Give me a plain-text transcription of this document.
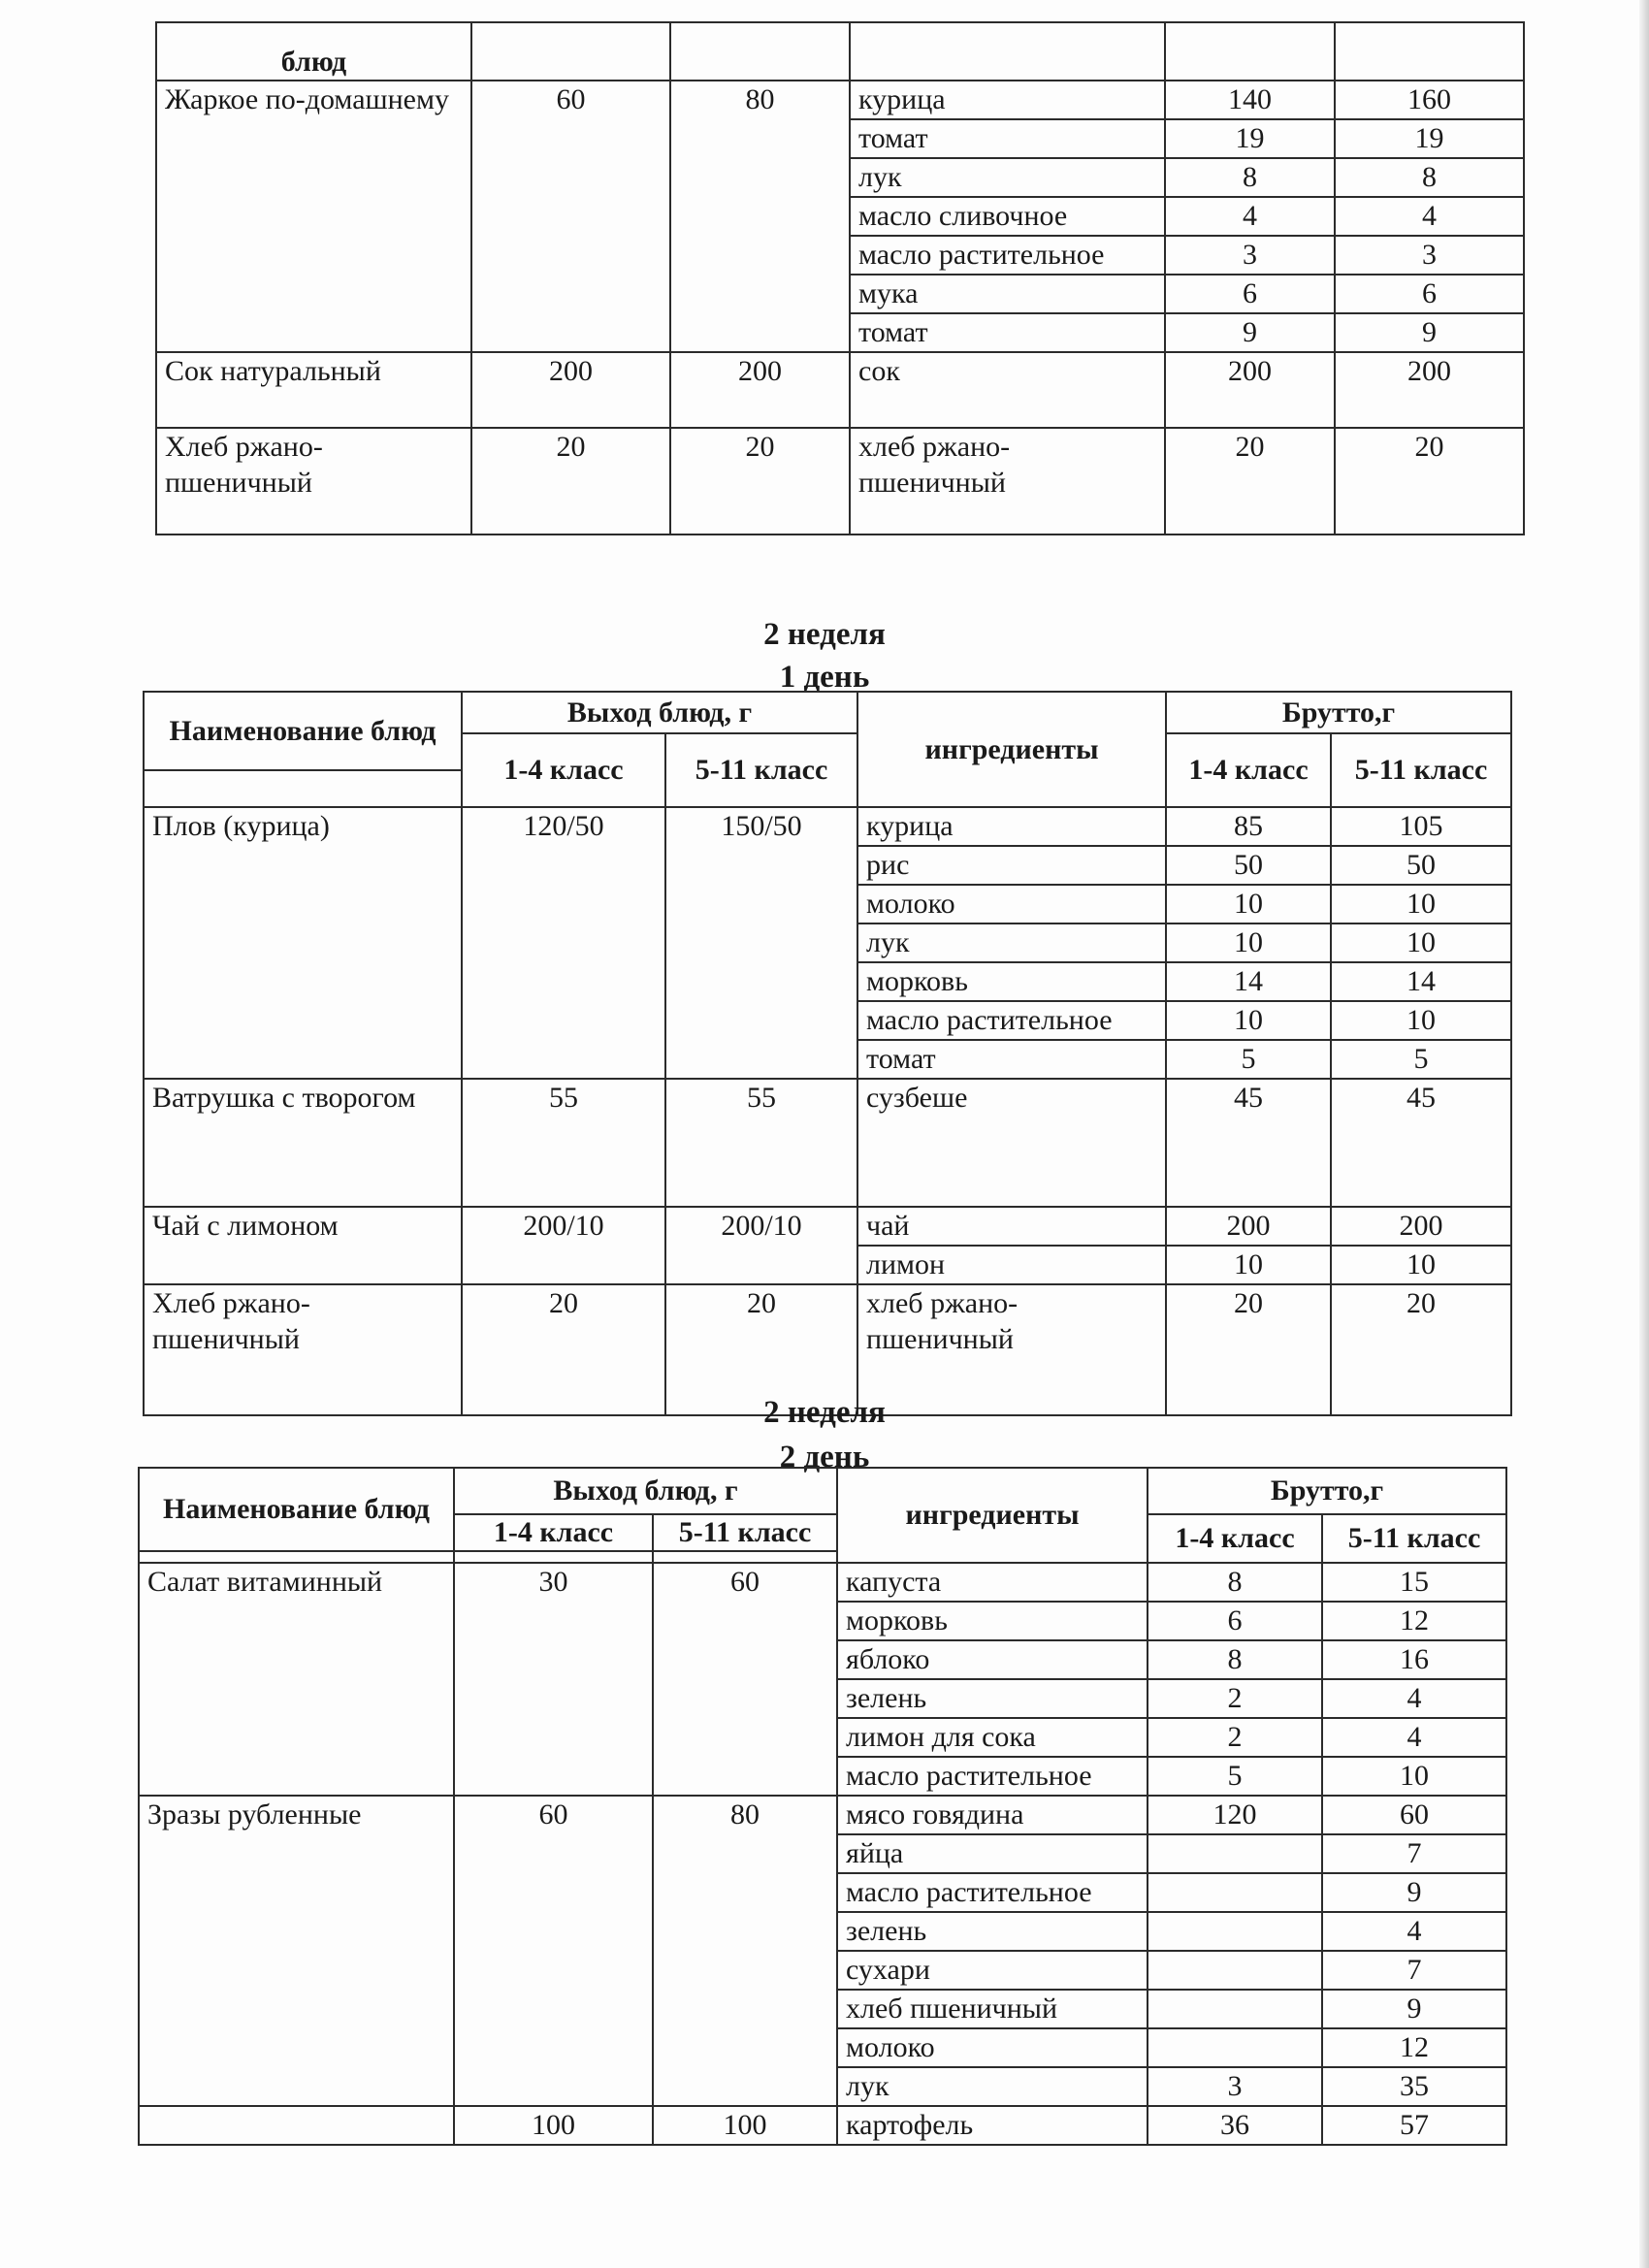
блюд					
Жаркое по-домашнему	60	80	курица	140	160
			томат	19	19
			лук	8	8
			масло сливочное	4	4
			масло растительное	3	3
			мука	6	6
			томат	9	9
Сок натуральный	200	200	сок	200	200
Хлеб ржано-пшеничный	20	20	хлеб ржано-пшеничный	20	20
2 неделя
1 день
Наименование блюд	Выход блюд, г		ингредиенты	Брутто,г	
	1-4 класс	5-11 класс		1-4 класс	5-11 класс

Плов (курица)	120/50	150/50	курица	85	105
			рис	50	50
			молоко	10	10
			лук	10	10
			морковь	14	14
			масло растительное	10	10
			томат	5	5
Ватрушка с творогом	55	55	сузбеше	45	45
Чай с лимоном	200/10	200/10	чай	200	200
			лимон	10	10
Хлеб ржано-пшеничный	20	20	хлеб ржано-пшеничный	20	20
2 неделя
2 день
Наименование блюд	Выход блюд, г		ингредиенты	Брутто,г	
	1-4 класс	5-11 класс		1-4 класс	5-11 класс

Салат витаминный	30	60	капуста	8	15
			морковь	6	12
			яблоко	8	16
			зелень	2	4
			лимон для сока	2	4
			масло растительное	5	10
Зразы рубленные	60	80	мясо говядина	120	60
			яйца		7
			масло растительное		9
			зелень		4
			сухари		7
			хлеб пшеничный		9
			молоко		12
			лук	3	35
	100	100	картофель	36	57
